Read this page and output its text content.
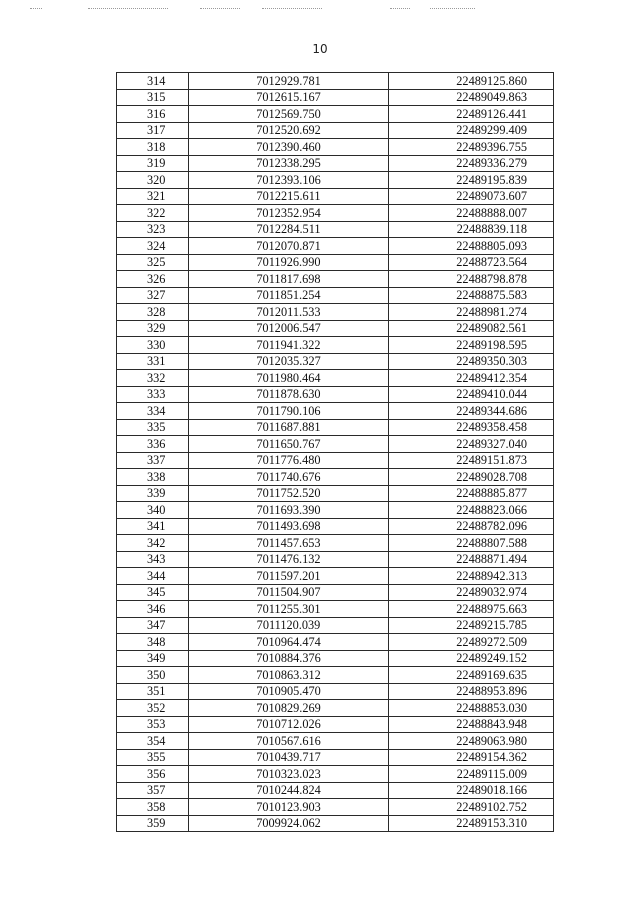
10
314	7012929.781	22489125.860
315	7012615.167	22489049.863
316	7012569.750	22489126.441
317	7012520.692	22489299.409
318	7012390.460	22489396.755
319	7012338.295	22489336.279
320	7012393.106	22489195.839
321	7012215.611	22489073.607
322	7012352.954	22488888.007
323	7012284.511	22488839.118
324	7012070.871	22488805.093
325	7011926.990	22488723.564
326	7011817.698	22488798.878
327	7011851.254	22488875.583
328	7012011.533	22488981.274
329	7012006.547	22489082.561
330	7011941.322	22489198.595
331	7012035.327	22489350.303
332	7011980.464	22489412.354
333	7011878.630	22489410.044
334	7011790.106	22489344.686
335	7011687.881	22489358.458
336	7011650.767	22489327.040
337	7011776.480	22489151.873
338	7011740.676	22489028.708
339	7011752.520	22488885.877
340	7011693.390	22488823.066
341	7011493.698	22488782.096
342	7011457.653	22488807.588
343	7011476.132	22488871.494
344	7011597.201	22488942.313
345	7011504.907	22489032.974
346	7011255.301	22488975.663
347	7011120.039	22489215.785
348	7010964.474	22489272.509
349	7010884.376	22489249.152
350	7010863.312	22489169.635
351	7010905.470	22488953.896
352	7010829.269	22488853.030
353	7010712.026	22488843.948
354	7010567.616	22489063.980
355	7010439.717	22489154.362
356	7010323.023	22489115.009
357	7010244.824	22489018.166
358	7010123.903	22489102.752
359	7009924.062	22489153.310
